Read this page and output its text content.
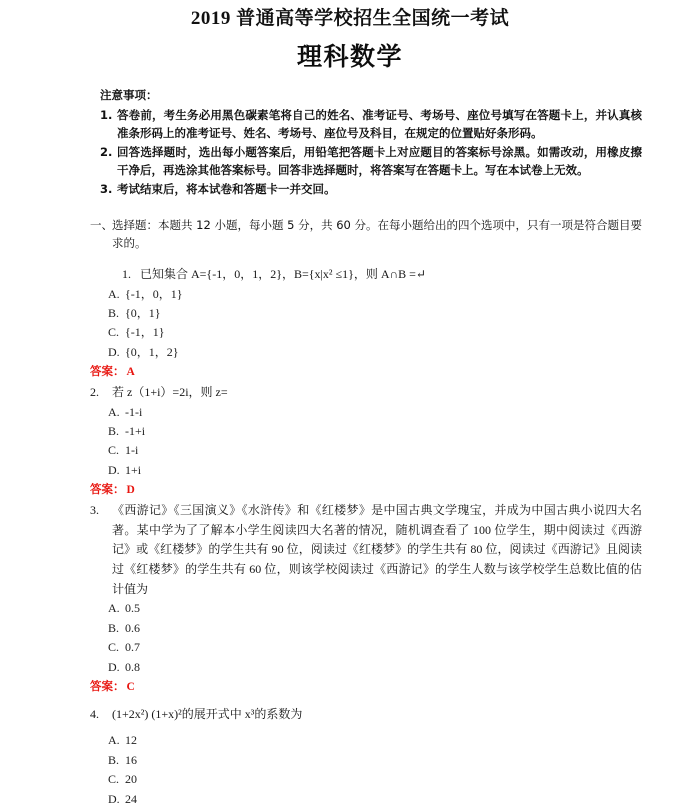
2019 普通高等学校招生全国统一考试
理科数学
注意事项：
1. 答卷前，考生务必用黑色碳素笔将自己的姓名、准考证号、考场号、座位号填写在答题卡上，并认真核准条形码上的准考证号、姓名、考场号、座位号及科目，在规定的位置贴好条形码。
2. 回答选择题时，选出每小题答案后，用铅笔把答题卡上对应题目的答案标号涂黑。如需改动，用橡皮擦干净后，再选涂其他答案标号。回答非选择题时，将答案写在答题卡上。写在本试卷上无效。
3. 考试结束后，将本试卷和答题卡一并交回。
一、 选择题：本题共 12 小题，每小题 5 分，共 60 分。在每小题给出的四个选项中，只有一项是符合题目要求的。
1. 已知集合 A={-1，0，1，2}，B={x|x² ≤1}，则 A∩B =↵
A. {-1，0，1}
B. {0，1}
C. {-1，1}
D. {0，1，2}
答案： A
2. 若 z（1+i）=2i，则 z=
A. -1-i
B. -1+i
C. 1-i
D. 1+i
答案： D
3. 《西游记》《三国演义》《水浒传》和《红楼梦》是中国古典文学瑰宝，并成为中国古典小说四大名著。某中学为了了解本小学生阅读四大名著的情况，随机调查看了 100 位学生，期中阅读过《西游记》或《红楼梦》的学生共有 90 位，阅读过《红楼梦》的学生共有 80 位，阅读过《西游记》且阅读过《红楼梦》的学生共有 60 位，则该学校阅读过《西游记》的学生人数与该学校学生总数比值的估计值为
A. 0.5
B. 0.6
C. 0.7
D. 0.8
答案： C
4. (1+2x²) (1+x)²的展开式中 x³的系数为
A. 12
B. 16
C. 20
D. 24
